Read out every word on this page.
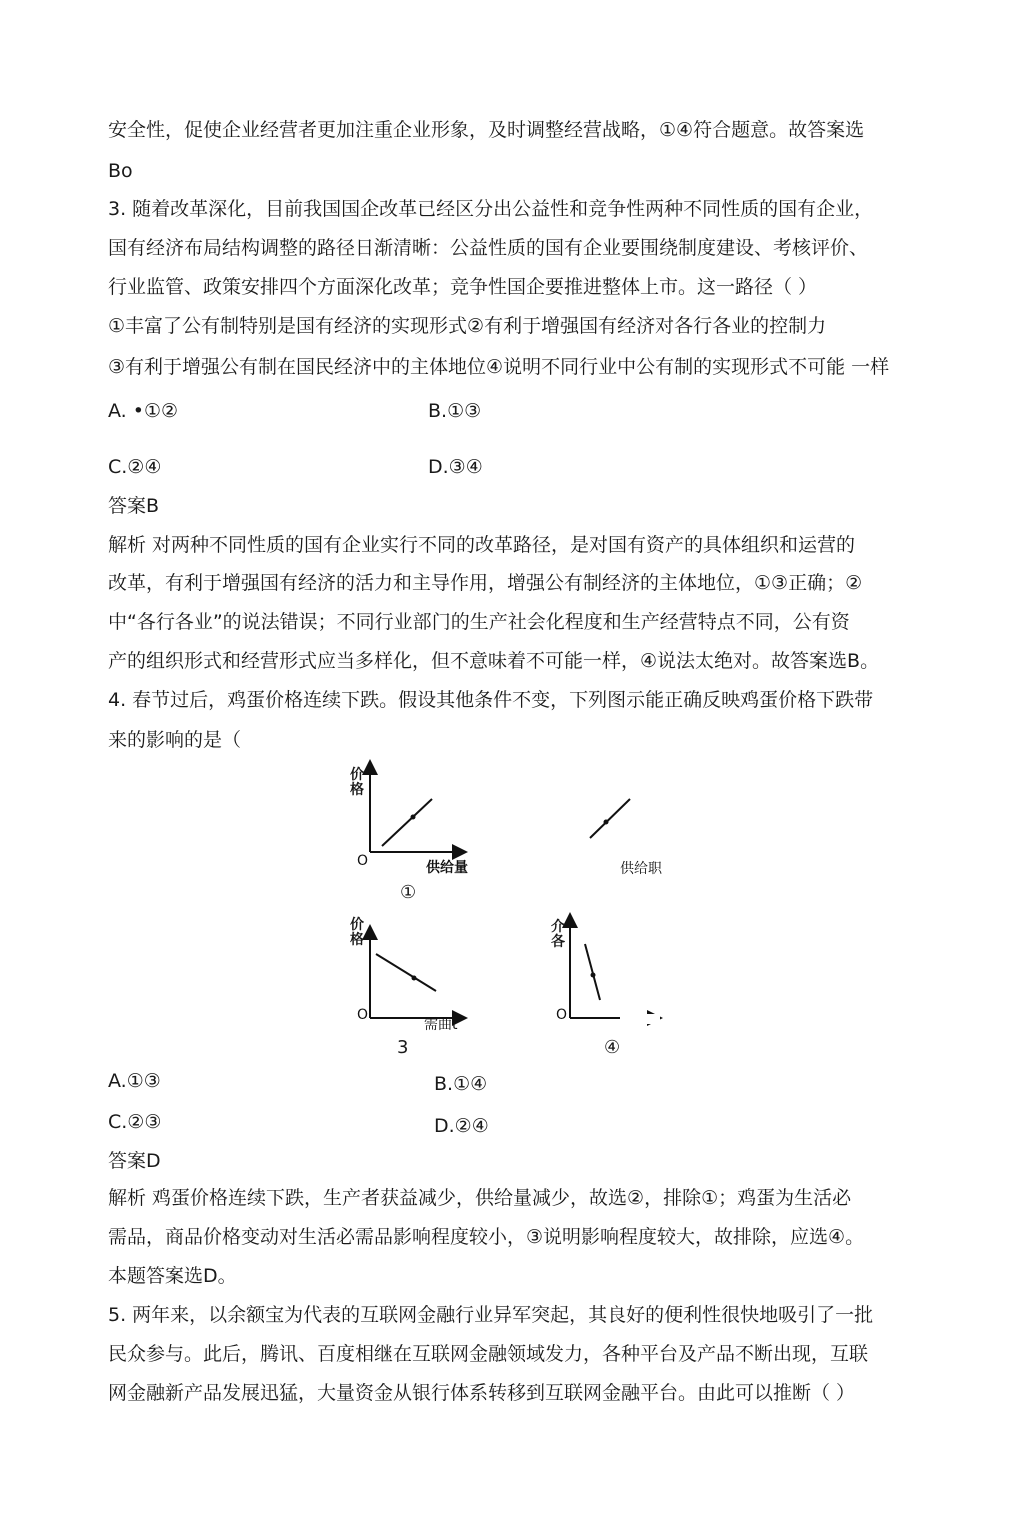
安全性，促使企业经营者更加注重企业形象，及时调整经营战略，①④符合题意。故答案选
Bo
3. 随着改革深化，目前我国国企改革已经区分出公益性和竞争性两种不同性质的国有企业，
国有经济布局结构调整的路径日渐清晰：公益性质的国有企业要围绕制度建设、考核评价、
行业监管、政策安排四个方面深化改革；竞争性国企要推进整体上市。这一路径（ ）
①丰富了公有制特别是国有经济的实现形式②有利于增强国有经济对各行各业的控制力
③有利于增强公有制在国民经济中的主体地位④说明不同行业中公有制的实现形式不可能 一样
A. •①②	B.①③
C.②④	D.③④
答案B
解析 对两种不同性质的国有企业实行不同的改革路径，是对国有资产的具体组织和运营的
改革，有利于增强国有经济的活力和主导作用，增强公有制经济的主体地位，①③正确；②
中“各行各业”的说法错误；不同行业部门的生产社会化程度和生产经营特点不同，公有资
产的组织形式和经营形式应当多样化，但不意味着不可能一样，④说法太绝对。故答案选B。
4. 春节过后，鸡蛋价格连续下跌。假设其他条件不变，下列图示能正确反映鸡蛋价格下跌带
来的影响的是（
价格
O	供给量
①
供给职
价格
O
需曲t
3
介各
O
④
A.①③	B.①④
C.②③	D.②④
答案D
解析 鸡蛋价格连续下跌，生产者获益减少，供给量减少，故选②，排除①；鸡蛋为生活必
需品，商品价格变动对生活必需品影响程度较小，③说明影响程度较大，故排除，应选④。
本题答案选D。
5. 两年来，以余额宝为代表的互联网金融行业异军突起，其良好的便利性很快地吸引了一批
民众参与。此后，腾讯、百度相继在互联网金融领域发力，各种平台及产品不断出现，互联
网金融新产品发展迅猛，大量资金从银行体系转移到互联网金融平台。由此可以推断（ ）
